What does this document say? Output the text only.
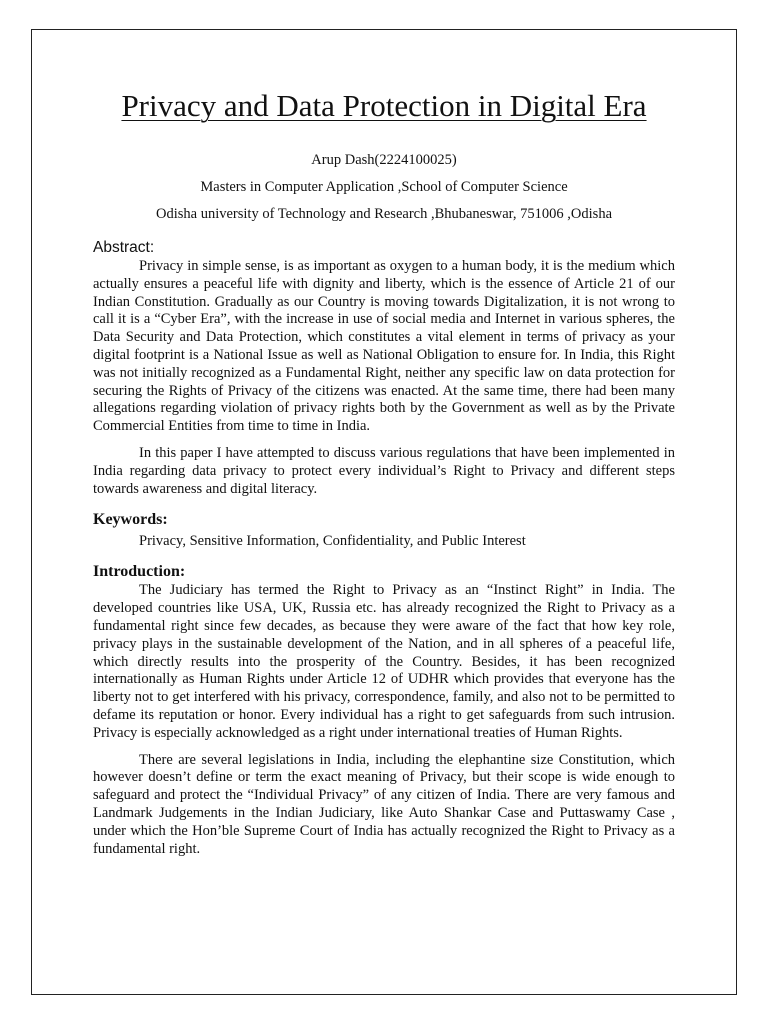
Privacy and Data Protection in Digital Era

Arup Dash(2224100025)

Masters in Computer Application ,School of Computer Science

Odisha university of Technology and Research ,Bhubaneswar, 751006 ,Odisha

Abstract:

Privacy in simple sense, is as important as oxygen to a human body, it is the medium which actually ensures a peaceful life with dignity and liberty, which is the essence of Article 21 of our Indian Constitution. Gradually as our Country is moving towards Digitalization, it is not wrong to call it is a “Cyber Era”, with the increase in use of social media and Internet in various spheres, the Data Security and Data Protection, which constitutes a vital element in terms of privacy as your digital footprint is a National Issue as well as National Obligation to ensure for. In India, this Right was not initially recognized as a Fundamental Right, neither any specific law on data protection for securing the Rights of Privacy of the citizens was enacted. At the same time, there had been many allegations regarding violation of privacy rights both by the Government as well as by the Private Commercial Entities from time to time in India.

In this paper I have attempted to discuss various regulations that have been implemented in India regarding data privacy to protect every individual’s Right to Privacy and different steps towards awareness and digital literacy.

Keywords:

Privacy, Sensitive Information, Confidentiality, and Public Interest

Introduction:

The Judiciary has termed the Right to Privacy as an “Instinct Right” in India. The developed countries like USA, UK, Russia etc. has already recognized the Right to Privacy as a fundamental right since few decades, as because they were aware of the fact that how key role, privacy plays in the sustainable development of the Nation, and in all spheres of a peaceful life, which directly results into the prosperity of the Country. Besides, it has been recognized internationally as Human Rights under Article 12 of UDHR which provides that everyone has the liberty not to get interfered with his privacy, correspondence, family, and also not to be permitted to defame its reputation or honor. Every individual has a right to get safeguards from such intrusion. Privacy is especially acknowledged as a right under international treaties of Human Rights.

There are several legislations in India, including the elephantine size Constitution, which however doesn’t define or term the exact meaning of Privacy, but their scope is wide enough to safeguard and protect the “Individual Privacy” of any citizen of India. There are very famous and Landmark Judgements in the Indian Judiciary, like Auto Shankar Case and Puttaswamy Case , under which the Hon’ble Supreme Court of India has actually recognized the Right to Privacy as a fundamental right.
